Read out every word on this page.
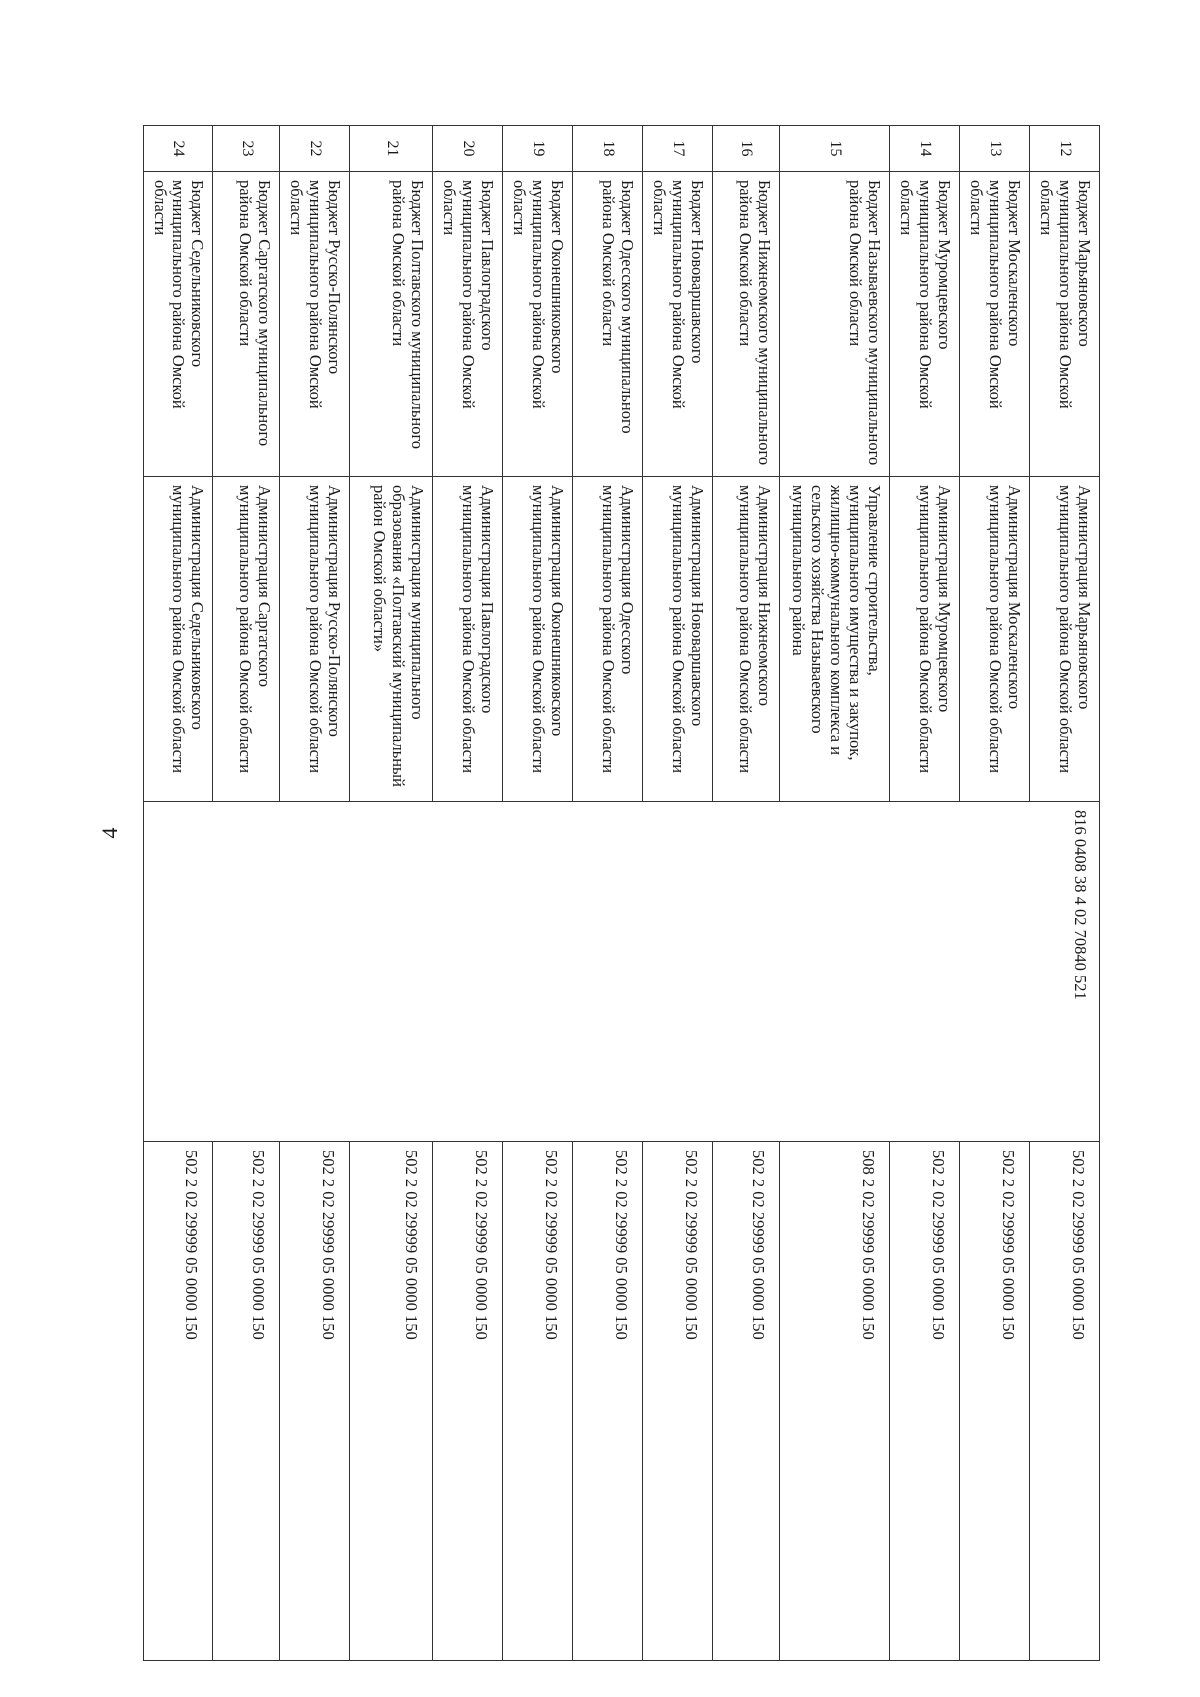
4
12	Бюджет Марьяновского муниципального района Омской области	Администрация Марьяновского муниципального района Омской области	816 0408 38 4 02 70840 521	502 2 02 29999 05 0000 150
13	Бюджет Москаленского муниципального района Омской области	Администрация Москаленского муниципального района Омской области		502 2 02 29999 05 0000 150
14	Бюджет Муромцевского муниципального района Омской области	Администрация Муромцевского муниципального района Омской области		502 2 02 29999 05 0000 150
15	Бюджет Называевского муниципального района Омской области	Управление строительства, муниципального имущества и закупок, жилищно-коммунального комплекса и сельского хозяйства Называевского муниципального района		508 2 02 29999 05 0000 150
16	Бюджет Нижнеомского муниципального района Омской области	Администрация Нижнеомского муниципального района Омской области		502 2 02 29999 05 0000 150
17	Бюджет Нововаршавского муниципального района Омской области	Администрация Нововаршавского муниципального района Омской области		502 2 02 29999 05 0000 150
18	Бюджет Одесского муниципального района Омской области	Администрация Одесского муниципального района Омской области		502 2 02 29999 05 0000 150
19	Бюджет Оконешниковского муниципального района Омской области	Администрация Оконешниковского муниципального района Омской области		502 2 02 29999 05 0000 150
20	Бюджет Павлоградского муниципального района Омской области	Администрация Павлоградского муниципального района Омской области		502 2 02 29999 05 0000 150
21	Бюджет Полтавского муниципального района Омской области	Администрация муниципального образования «Полтавский муниципальный район Омской области»		502 2 02 29999 05 0000 150
22	Бюджет Русско-Полянского муниципального района Омской области	Администрация Русско-Полянского муниципального района Омской области		502 2 02 29999 05 0000 150
23	Бюджет Саргатского муниципального района Омской области	Администрация Саргатского муниципального района Омской области		502 2 02 29999 05 0000 150
24	Бюджет Седельниковского муниципального района Омской области	Администрация Седельниковского муниципального района Омской области		502 2 02 29999 05 0000 150
